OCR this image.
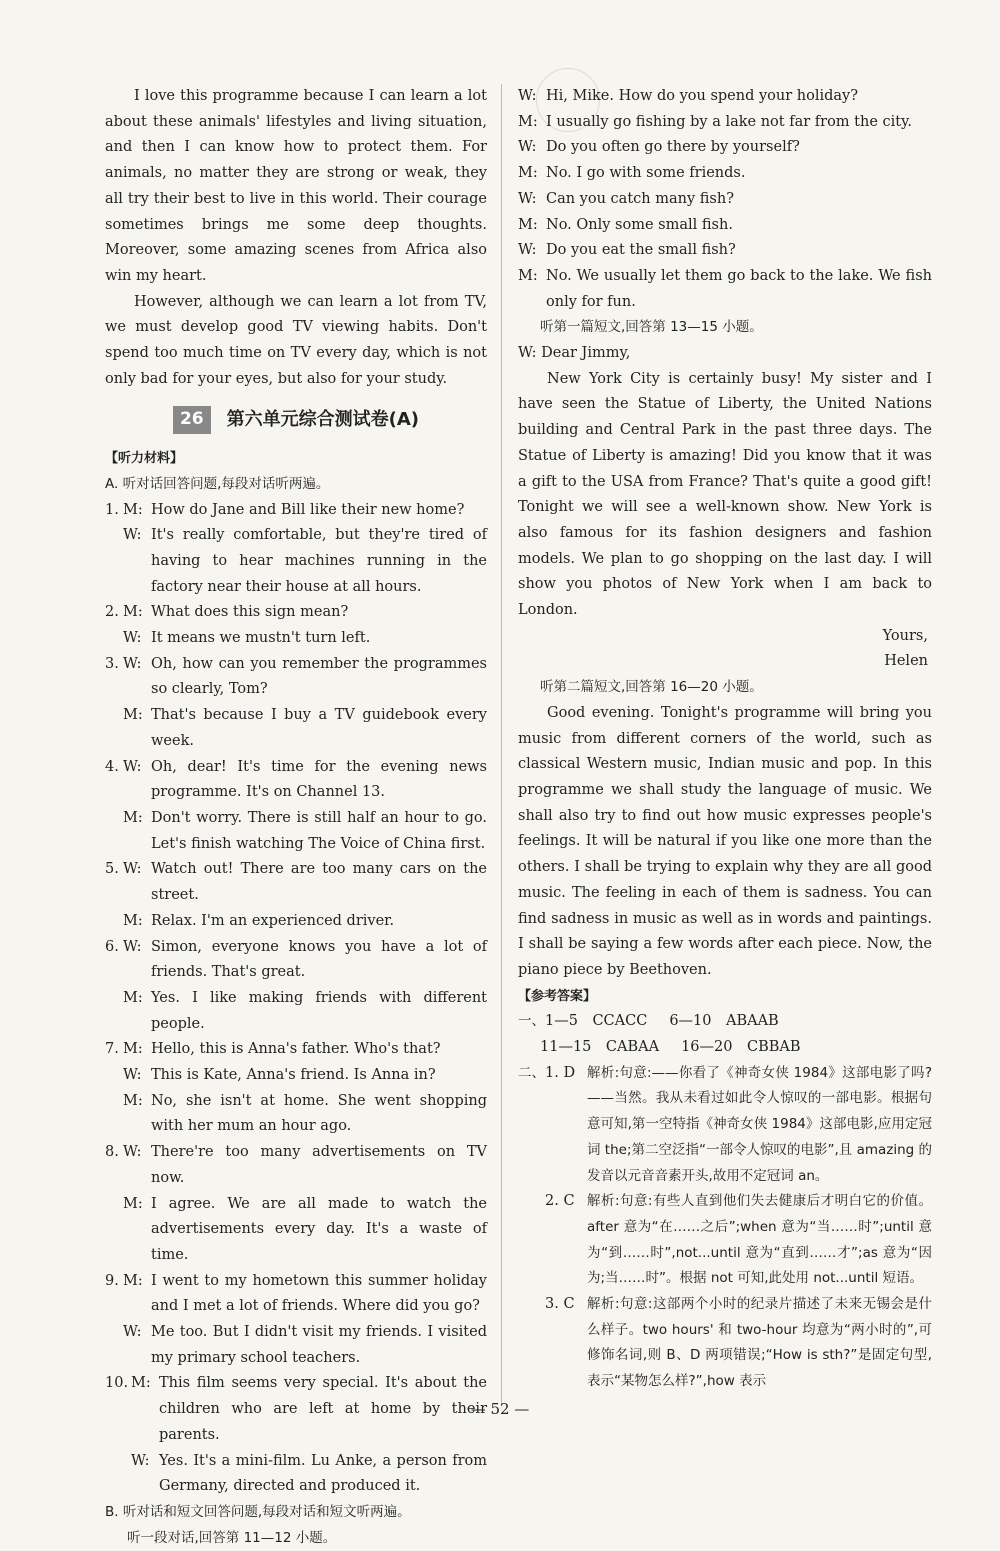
I love this programme because I can learn a lot about these animals' lifestyles and living situation, and then I can know how to protect them. For animals, no matter they are strong or weak, they all try their best to live in this world. Their courage sometimes brings me some deep thoughts. Moreover, some amazing scenes from Africa also win my heart.

However, although we can learn a lot from TV, we must develop good TV viewing habits. Don't spend too much time on TV every day, which is not only bad for your eyes, but also for your study.

26	第六单元综合测试卷(A)

【听力材料】

A. 听对话回答问题,每段对话听两遍。

1. M: How do Jane and Bill like their new home?
W: It's really comfortable, but they're tired of having to hear machines running in the factory near their house at all hours.
2. M: What does this sign mean?
W: It means we mustn't turn left.
3. W: Oh, how can you remember the programmes so clearly, Tom?
M: That's because I buy a TV guidebook every week.
4. W: Oh, dear! It's time for the evening news programme. It's on Channel 13.
M: Don't worry. There is still half an hour to go. Let's finish watching The Voice of China first.
5. W: Watch out! There are too many cars on the street.
M: Relax. I'm an experienced driver.
6. W: Simon, everyone knows you have a lot of friends. That's great.
M: Yes. I like making friends with different people.
7. M: Hello, this is Anna's father. Who's that?
W: This is Kate, Anna's friend. Is Anna in?
M: No, she isn't at home. She went shopping with her mum an hour ago.
8. W: There're too many advertisements on TV now.
M: I agree. We are all made to watch the advertisements every day. It's a waste of time.
9. M: I went to my hometown this summer holiday and I met a lot of friends. Where did you go?
W: Me too. But I didn't visit my friends. I visited my primary school teachers.
10. M: This film seems very special. It's about the children who are left at home by their parents.
W: Yes. It's a mini-film. Lu Anke, a person from Germany, directed and produced it.

B. 听对话和短文回答问题,每段对话和短文听两遍。

听一段对话,回答第 11—12 小题。

W: Hi, Mike. How do you spend your holiday?
M: I usually go fishing by a lake not far from the city.
W: Do you often go there by yourself?
M: No. I go with some friends.
W: Can you catch many fish?
M: No. Only some small fish.
W: Do you eat the small fish?
M: No. We usually let them go back to the lake. We fish only for fun.

听第一篇短文,回答第 13—15 小题。

W: Dear Jimmy,

New York City is certainly busy! My sister and I have seen the Statue of Liberty, the United Nations building and Central Park in the past three days. The Statue of Liberty is amazing! Did you know that it was a gift to the USA from France? That's quite a good gift! Tonight we will see a well-known show. New York is also famous for its fashion designers and fashion models. We plan to go shopping on the last day. I will show you photos of New York when I am back to London.

Yours,

Helen

听第二篇短文,回答第 16—20 小题。

Good evening. Tonight's programme will bring you music from different corners of the world, such as classical Western music, Indian music and pop. In this programme we shall study the language of music. We shall also try to find out how music expresses people's feelings. It will be natural if you like one more than the others. I shall be trying to explain why they are all good music. The feeling in each of them is sadness. You can find sadness in music as well as in words and paintings. I shall be saying a few words after each piece. Now, the piano piece by Beethoven.

【参考答案】

一、 1—5　CCACC 6—10　ABAAB
11—15　CABAA 16—20　CBBAB
二、 1. D 解析:句意:——你看了《神奇女侠 1984》这部电影了吗?——当然。我从未看过如此令人惊叹的一部电影。根据句意可知,第一空特指《神奇女侠 1984》这部电影,应用定冠词 the;第二空泛指“一部令人惊叹的电影”,且 amazing 的发音以元音音素开头,故用不定冠词 an。
2. C 解析:句意:有些人直到他们失去健康后才明白它的价值。after 意为“在……之后”;when 意为“当……时”;until 意为“到……时”,not...until 意为“直到……才”;as 意为“因为;当……时”。根据 not 可知,此处用 not...until 短语。
3. C 解析:句意:这部两个小时的纪录片描述了未来无锡会是什么样子。two hours' 和 two-hour 均意为“两小时的”,可修饰名词,则 B、D 两项错误;“How is sth?”是固定句型,表示“某物怎么样?”,how 表示
— 52 —
